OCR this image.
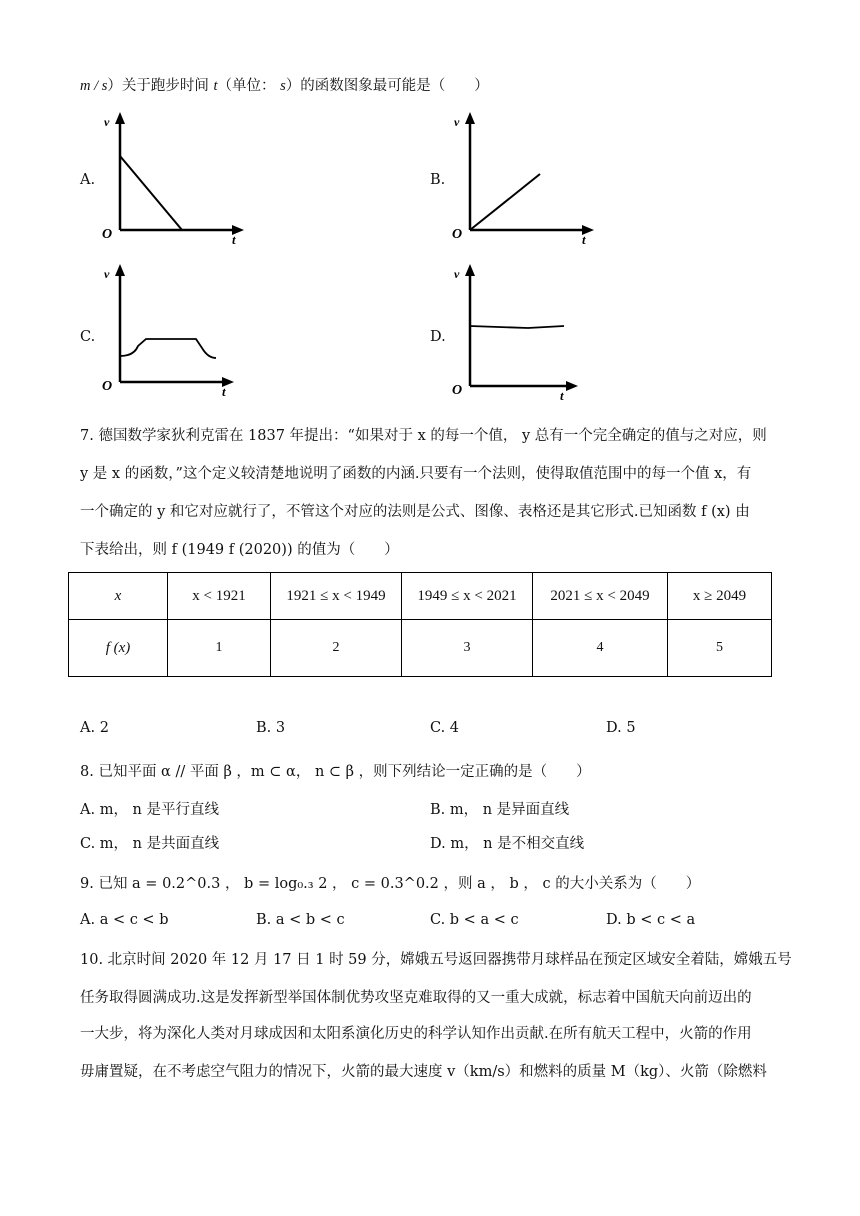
m / s）关于跑步时间 t（单位： s）的函数图象最可能是（　　）
A.	B.
C.	D.
v
O	t
v
O	t
v
O	t
v
O	t
7. 德国数学家狄利克雷在 1837 年提出：“如果对于 x 的每一个值， y 总有一个完全确定的值与之对应，则
y 是 x 的函数，”这个定义较清楚地说明了函数的内涵.只要有一个法则，使得取值范围中的每一个值 x，有
一个确定的 y 和它对应就行了，不管这个对应的法则是公式、图像、表格还是其它形式.已知函数 f (x) 由
下表给出，则 f (1949 f (2020)) 的值为（　　）
x	x < 1921	1921 ≤ x < 1949	1949 ≤ x < 2021	2021 ≤ x < 2049	x ≥ 2049
f (x)	1	2	3	4	5
A. 2	B. 3	C. 4	D. 5
8. 已知平面 α // 平面 β ，m ⊂ α， n ⊂ β ，则下列结论一定正确的是（　　）
A. m， n 是平行直线	B. m， n 是异面直线
C. m， n 是共面直线	D. m， n 是不相交直线
9. 已知 a = 0.2^0.3 ， b = log₀.₃ 2 ， c = 0.3^0.2 ，则 a ， b ， c 的大小关系为（　　）
A. a < c < b	B. a < b < c	C. b < a < c	D. b < c < a
10. 北京时间 2020 年 12 月 17 日 1 时 59 分，嫦娥五号返回器携带月球样品在预定区域安全着陆，嫦娥五号
任务取得圆满成功.这是发挥新型举国体制优势攻坚克难取得的又一重大成就，标志着中国航天向前迈出的
一大步，将为深化人类对月球成因和太阳系演化历史的科学认知作出贡献.在所有航天工程中，火箭的作用
毋庸置疑，在不考虑空气阻力的情况下，火箭的最大速度 v（km/s）和燃料的质量 M（kg）、火箭（除燃料
